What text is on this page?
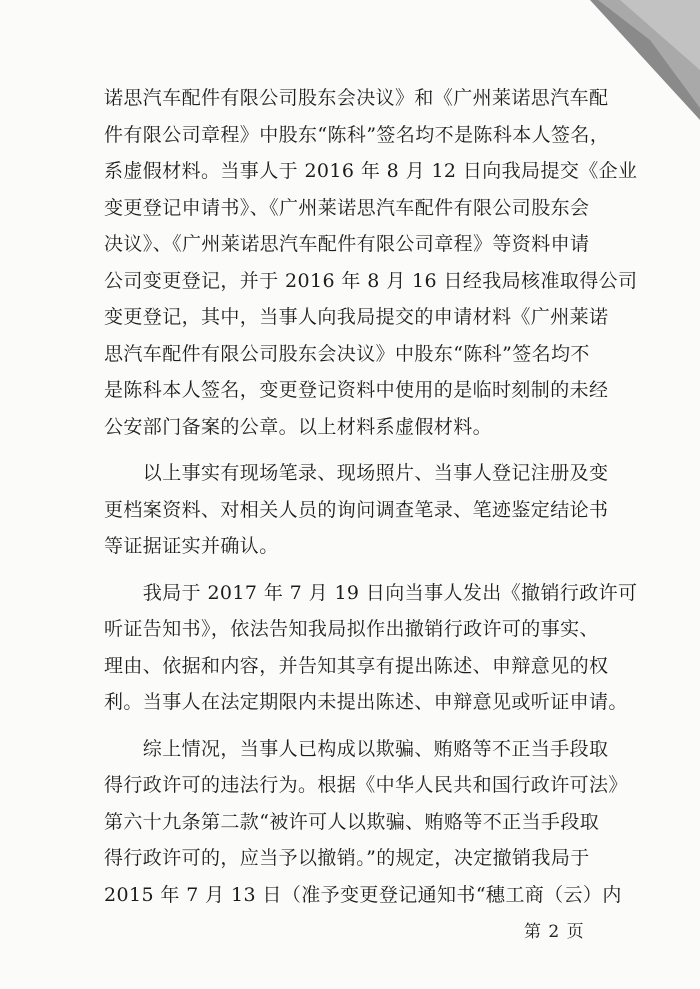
诺思汽车配件有限公司股东会决议》和《广州莱诺思汽车配
件有限公司章程》中股东“陈科”签名均不是陈科本人签名，
系虚假材料。当事人于 2016 年 8 月 12 日向我局提交《企业
变更登记申请书》、《广州莱诺思汽车配件有限公司股东会
决议》、《广州莱诺思汽车配件有限公司章程》等资料申请
公司变更登记，并于 2016 年 8 月 16 日经我局核准取得公司
变更登记，其中，当事人向我局提交的申请材料《广州莱诺
思汽车配件有限公司股东会决议》中股东“陈科”签名均不
是陈科本人签名，变更登记资料中使用的是临时刻制的未经
公安部门备案的公章。以上材料系虚假材料。
　　以上事实有现场笔录、现场照片、当事人登记注册及变
更档案资料、对相关人员的询问调查笔录、笔迹鉴定结论书
等证据证实并确认。
　　我局于 2017 年 7 月 19 日向当事人发出《撤销行政许可
听证告知书》，依法告知我局拟作出撤销行政许可的事实、
理由、依据和内容，并告知其享有提出陈述、申辩意见的权
利。当事人在法定期限内未提出陈述、申辩意见或听证申请。
　　综上情况，当事人已构成以欺骗、贿赂等不正当手段取
得行政许可的违法行为。根据《中华人民共和国行政许可法》
第六十九条第二款“被许可人以欺骗、贿赂等不正当手段取
得行政许可的，应当予以撤销。”的规定，决定撤销我局于
2015 年 7 月 13 日（准予变更登记通知书“穗工商（云）内
第 2 页
